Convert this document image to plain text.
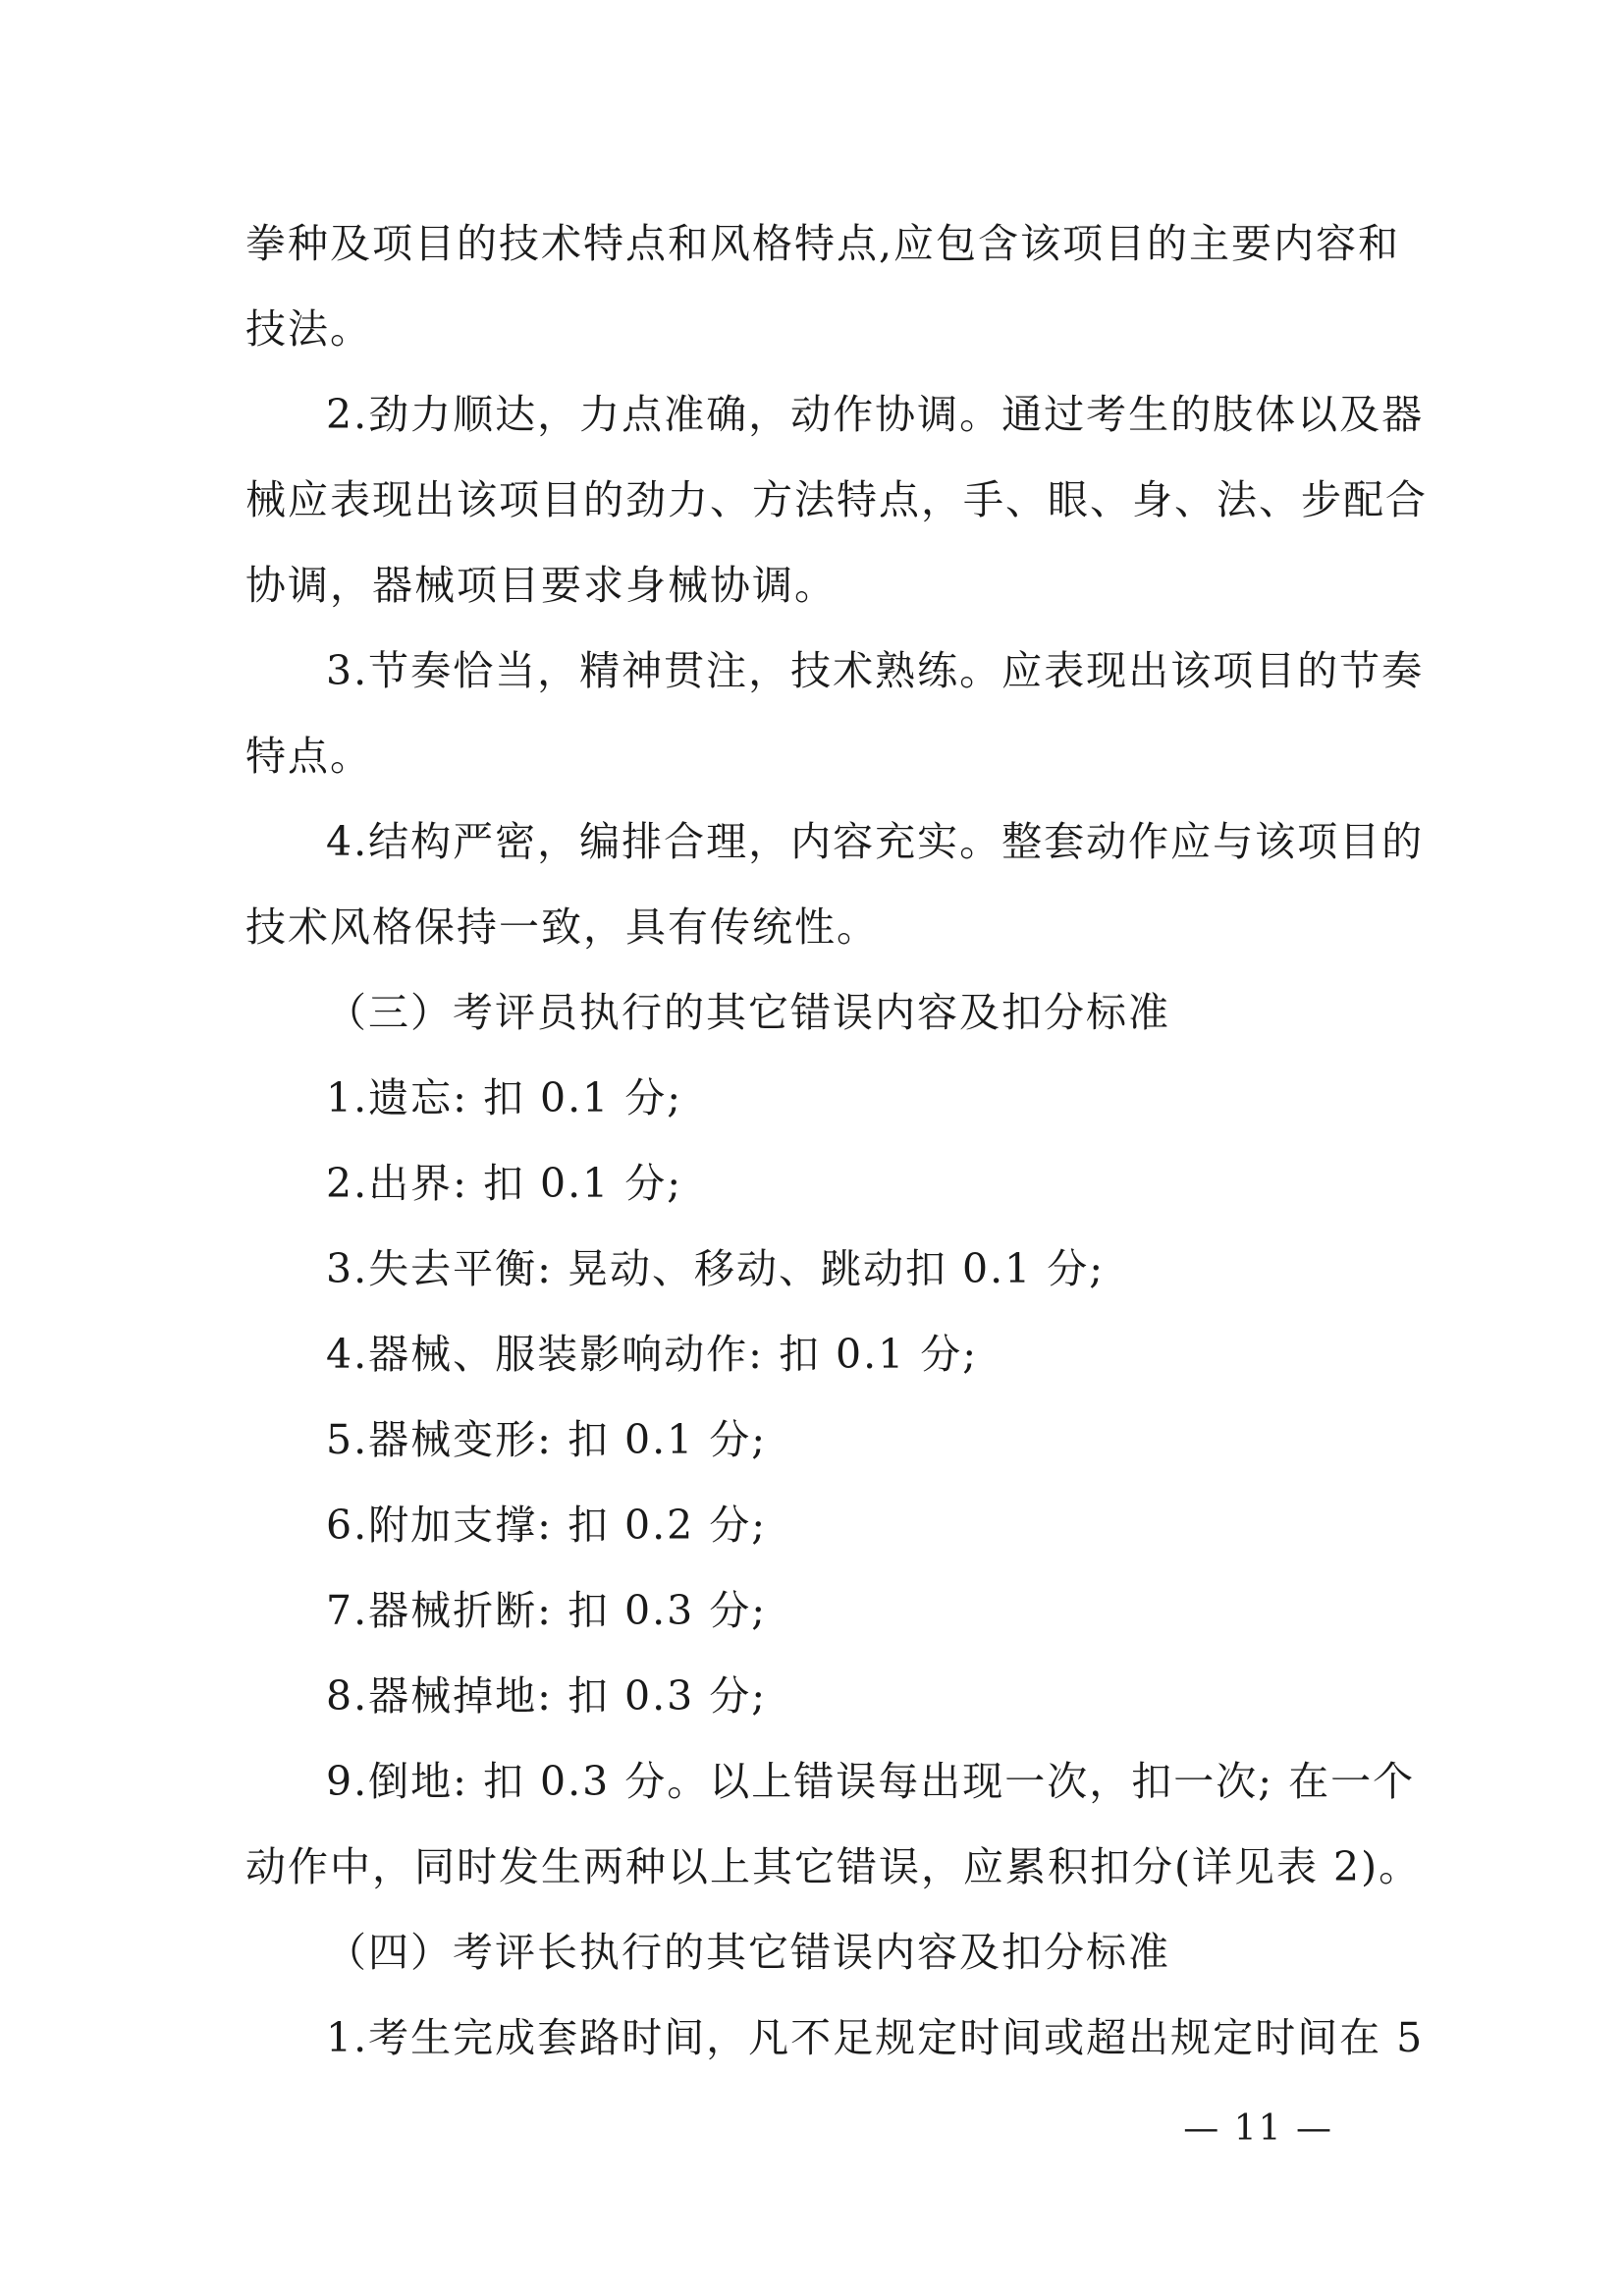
拳种及项目的技术特点和风格特点,应包含该项目的主要内容和
技法。
2.劲力顺达，力点准确，动作协调。通过考生的肢体以及器
械应表现出该项目的劲力、方法特点，手、眼、身、法、步配合
协调，器械项目要求身械协调。
3.节奏恰当，精神贯注，技术熟练。应表现出该项目的节奏
特点。
4.结构严密，编排合理，内容充实。整套动作应与该项目的
技术风格保持一致，具有传统性。
（三）考评员执行的其它错误内容及扣分标准
1.遗忘: 扣 0.1 分;
2.出界: 扣 0.1 分;
3.失去平衡: 晃动、移动、跳动扣 0.1 分;
4.器械、服装影响动作: 扣 0.1 分;
5.器械变形: 扣 0.1 分;
6.附加支撑: 扣 0.2 分;
7.器械折断: 扣 0.3 分;
8.器械掉地: 扣 0.3 分;
9.倒地: 扣 0.3 分。以上错误每出现一次，扣一次; 在一个
动作中，同时发生两种以上其它错误，应累积扣分(详见表 2)。
（四）考评长执行的其它错误内容及扣分标准
1.考生完成套路时间，凡不足规定时间或超出规定时间在 5
— 11 —
